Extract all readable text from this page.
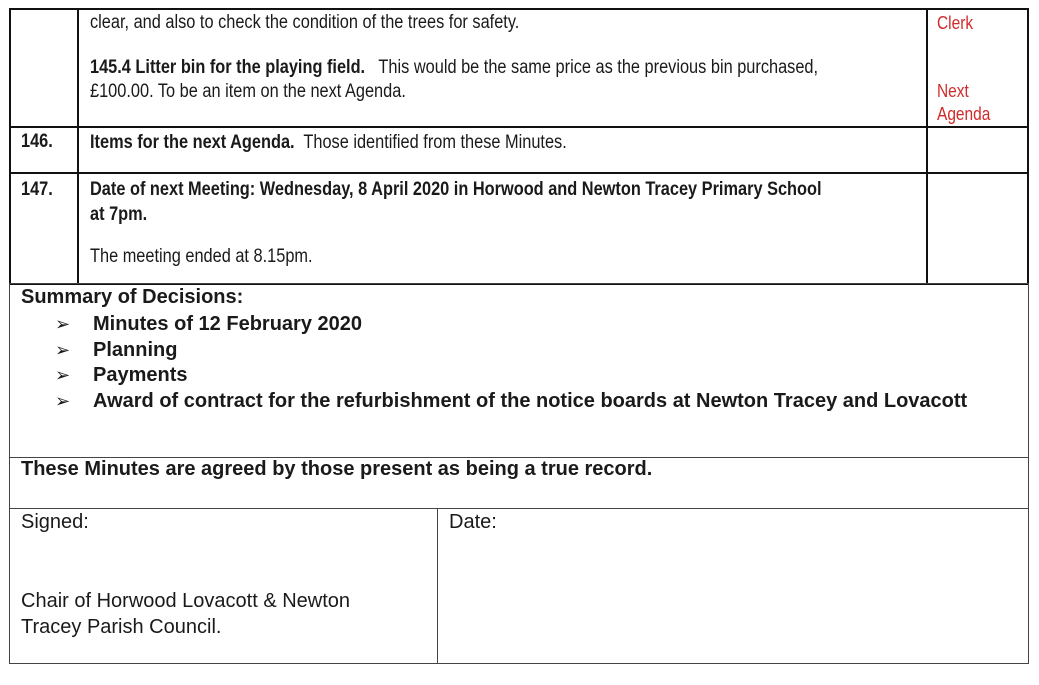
clear, and also to check the condition of the trees for safety.
145.4 Litter bin for the playing field. This would be the same price as the previous bin purchased,
£100.00. To be an item on the next Agenda.
Clerk
Next
Agenda
146. Items for the next Agenda. Those identified from these Minutes.
147. Date of next Meeting: Wednesday, 8 April 2020 in Horwood and Newton Tracey Primary School
at 7pm.
The meeting ended at 8.15pm.
Summary of Decisions:
➢ Minutes of 12 February 2020
➢ Planning
➢ Payments
➢ Award of contract for the refurbishment of the notice boards at Newton Tracey and Lovacott
These Minutes are agreed by those present as being a true record.
Signed:
Chair of Horwood Lovacott & Newton
Tracey Parish Council.
Date:
